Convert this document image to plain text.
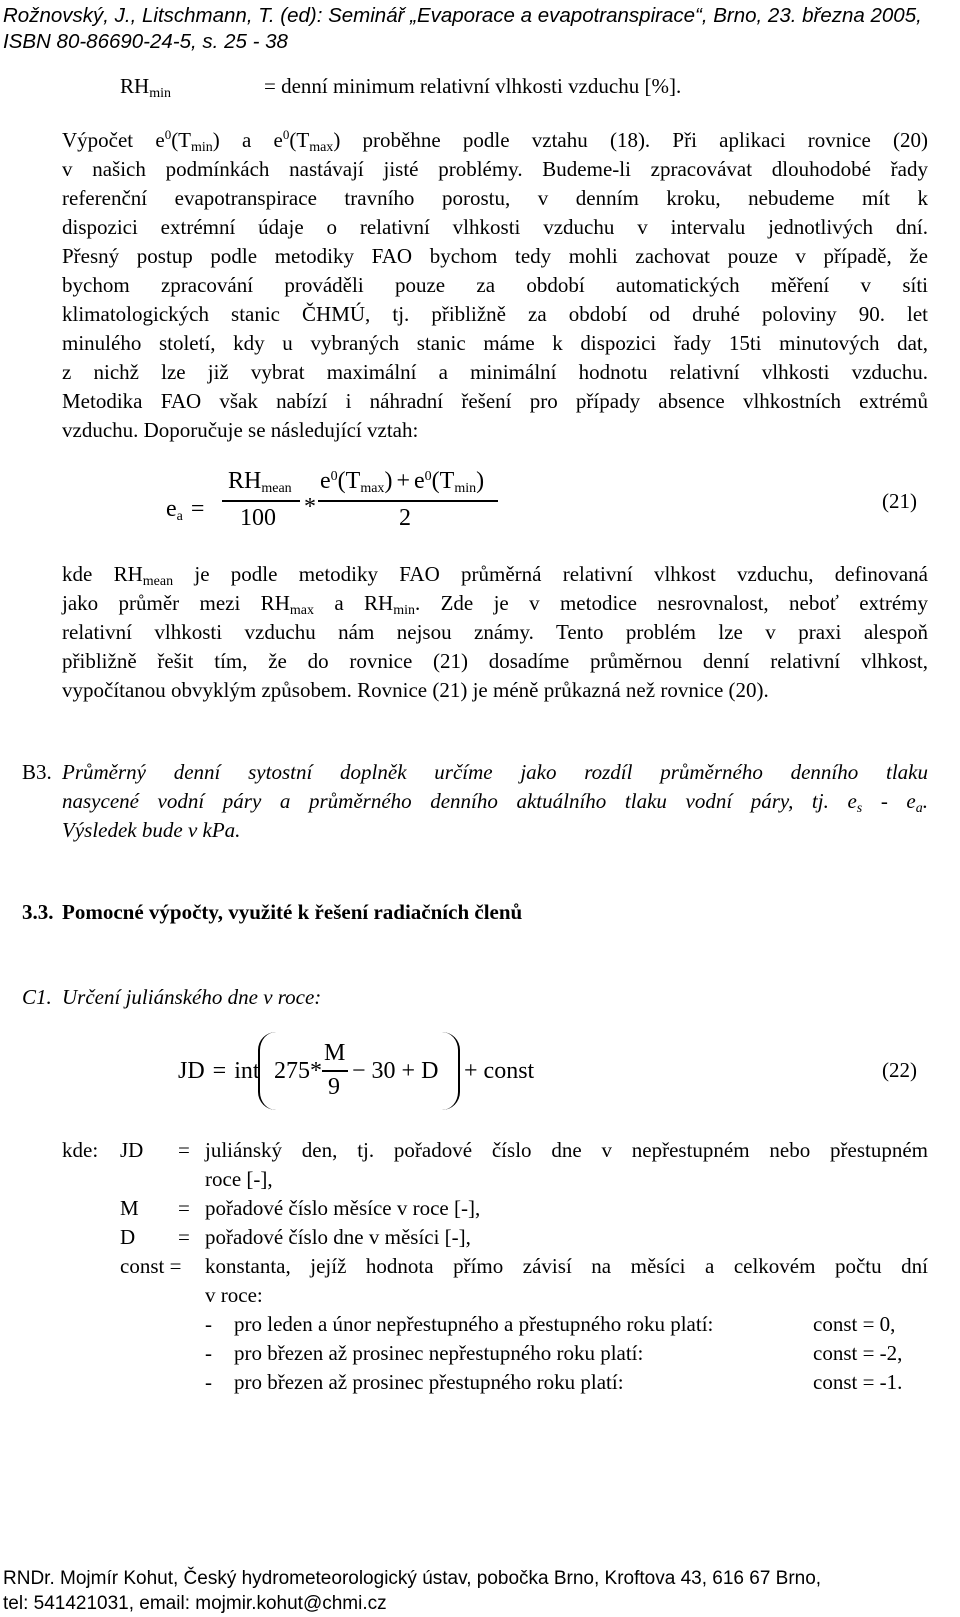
Rožnovský, J., Litschmann, T. (ed): Seminář „Evaporace a evapotranspirace“, Brno, 23. března 2005,
ISBN 80-86690-24-5, s. 25 - 38
$RH_{min}$	= denní minimum relativní vlhkosti vzduchu [%].
Výpočet $e^0(T_{min})$ a $e^0(T_{max})$ proběhne podle vztahu (18). Při aplikaci rovnice (20)
v našich podmínkách nastávají jisté problémy. Budeme-li zpracovávat dlouhodobé řady
referenční evapotranspirace travního porostu, v denním kroku, nebudeme mít k
dispozici extrémní údaje o relativní vlhkosti vzduchu v intervalu jednotlivých dní.
Přesný postup podle metodiky FAO bychom tedy mohli zachovat pouze v případě, že
bychom zpracování prováděli pouze za období automatických měření v síti
klimatologických stanic ČHMÚ, tj. přibližně za období od druhé poloviny 90. let
minulého století, kdy u vybraných stanic máme k dispozici řady 15ti minutových dat,
z nichž lze již vybrat maximální a minimální hodnotu relativní vlhkosti vzduchu.
Metodika FAO však nabízí i náhradní řešení pro případy absence vlhkostních extrémů
vzduchu. Doporučuje se následující vztah:
$e_a$ =
$RH_{mean}$
100 *
$e^0(T_{max}) + e^0(T_{min})$
2
(21)
kde $RH_{mean}$ je podle metodiky FAO průměrná relativní vlhkost vzduchu, definovaná
jako průměr mezi $RH_{max}$ a $RH_{min}$. Zde je v metodice nesrovnalost, neboť extrémy
relativní vlhkosti vzduchu nám nejsou známy. Tento problém lze v praxi alespoň
přibližně řešit tím, že do rovnice (21) dosadíme průměrnou denní relativní vlhkost,
vypočítanou obvyklým způsobem. Rovnice (21) je méně průkazná než rovnice (20).
B3. Průměrný denní sytostní doplněk určíme jako rozdíl průměrného denního tlaku
nasycené vodní páry a průměrného denního aktuálního tlaku vodní páry, tj. $e_s - e_a$.
Výsledek bude v kPa.
3.3. Pomocné výpočty, využité k řešení radiačních členů
C1. Určení juliánského dne v roce:
JD = int 275*
M
9
− 30 + D + const	(22)
kde: JD = juliánský den, tj. pořadové číslo dne v nepřestupném nebo přestupném
roce [-],
M = pořadové číslo měsíce v roce [-],
D = pořadové číslo dne v měsíci [-],
const = konstanta, jejíž hodnota přímo závisí na měsíci a celkovém počtu dní
v roce:
- pro leden a únor nepřestupného a přestupného roku platí:	const = 0,
- pro březen až prosinec nepřestupného roku platí:	const = -2,
- pro březen až prosinec přestupného roku platí:	const = -1.
RNDr. Mojmír Kohut, Český hydrometeorologický ústav, pobočka Brno, Kroftova 43, 616 67 Brno,
tel: 541421031, email: mojmir.kohut@chmi.cz
